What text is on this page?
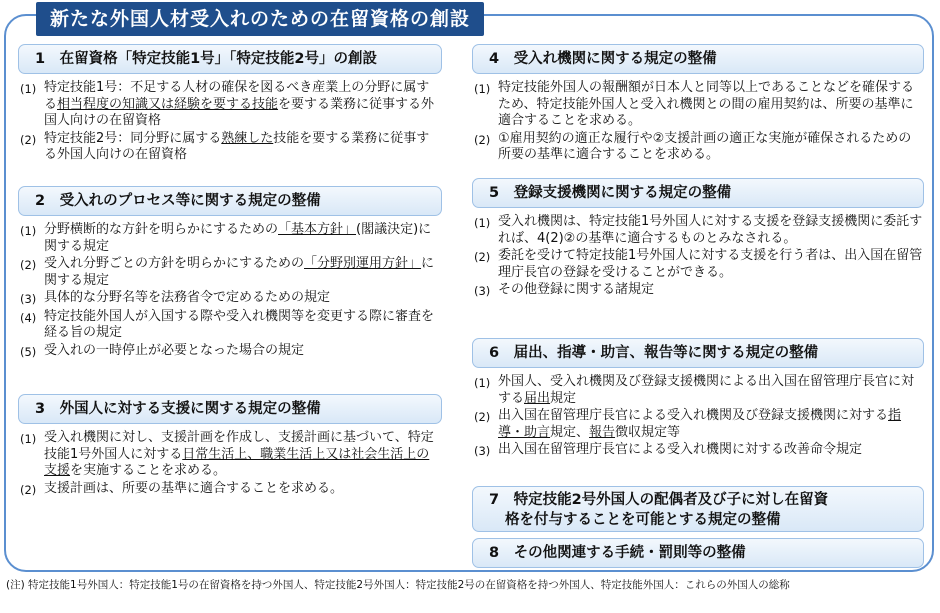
新たな外国人材受入れのための在留資格の創設
1　在留資格「特定技能1号」「特定技能2号」の創設
(1) 特定技能1号：不足する人材の確保を図るべき産業上の分野に属する相当程度の知識又は経験を要する技能を要する業務に従事する外国人向けの在留資格
(2) 特定技能2号：同分野に属する熟練した技能を要する業務に従事する外国人向けの在留資格
2　受入れのプロセス等に関する規定の整備
(1) 分野横断的な方針を明らかにするための「基本方針」(閣議決定)に関する規定
(2) 受入れ分野ごとの方針を明らかにするための「分野別運用方針」に関する規定
(3) 具体的な分野名等を法務省令で定めるための規定
(4) 特定技能外国人が入国する際や受入れ機関等を変更する際に審査を経る旨の規定
(5) 受入れの一時停止が必要となった場合の規定
3　外国人に対する支援に関する規定の整備
(1) 受入れ機関に対し、支援計画を作成し、支援計画に基づいて、特定技能1号外国人に対する日常生活上、職業生活上又は社会生活上の支援を実施することを求める。
(2) 支援計画は、所要の基準に適合することを求める。
4　受入れ機関に関する規定の整備
(1) 特定技能外国人の報酬額が日本人と同等以上であることなどを確保するため、特定技能外国人と受入れ機関との間の雇用契約は、所要の基準に適合することを求める。
(2) ①雇用契約の適正な履行や②支援計画の適正な実施が確保されるための所要の基準に適合することを求める。
5　登録支援機関に関する規定の整備
(1) 受入れ機関は、特定技能1号外国人に対する支援を登録支援機関に委託すれば、4(2)②の基準に適合するものとみなされる。
(2) 委託を受けて特定技能1号外国人に対する支援を行う者は、出入国在留管理庁長官の登録を受けることができる。
(3) その他登録に関する諸規定
6　届出、指導・助言、報告等に関する規定の整備
(1) 外国人、受入れ機関及び登録支援機関による出入国在留管理庁長官に対する届出規定
(2) 出入国在留管理庁長官による受入れ機関及び登録支援機関に対する指導・助言規定、報告徴収規定等
(3) 出入国在留管理庁長官による受入れ機関に対する改善命令規定
7　特定技能2号外国人の配偶者及び子に対し在留資
格を付与することを可能とする規定の整備
8　その他関連する手続・罰則等の整備
(注) 特定技能1号外国人：特定技能1号の在留資格を持つ外国人、特定技能2号外国人：特定技能2号の在留資格を持つ外国人、特定技能外国人：これらの外国人の総称
